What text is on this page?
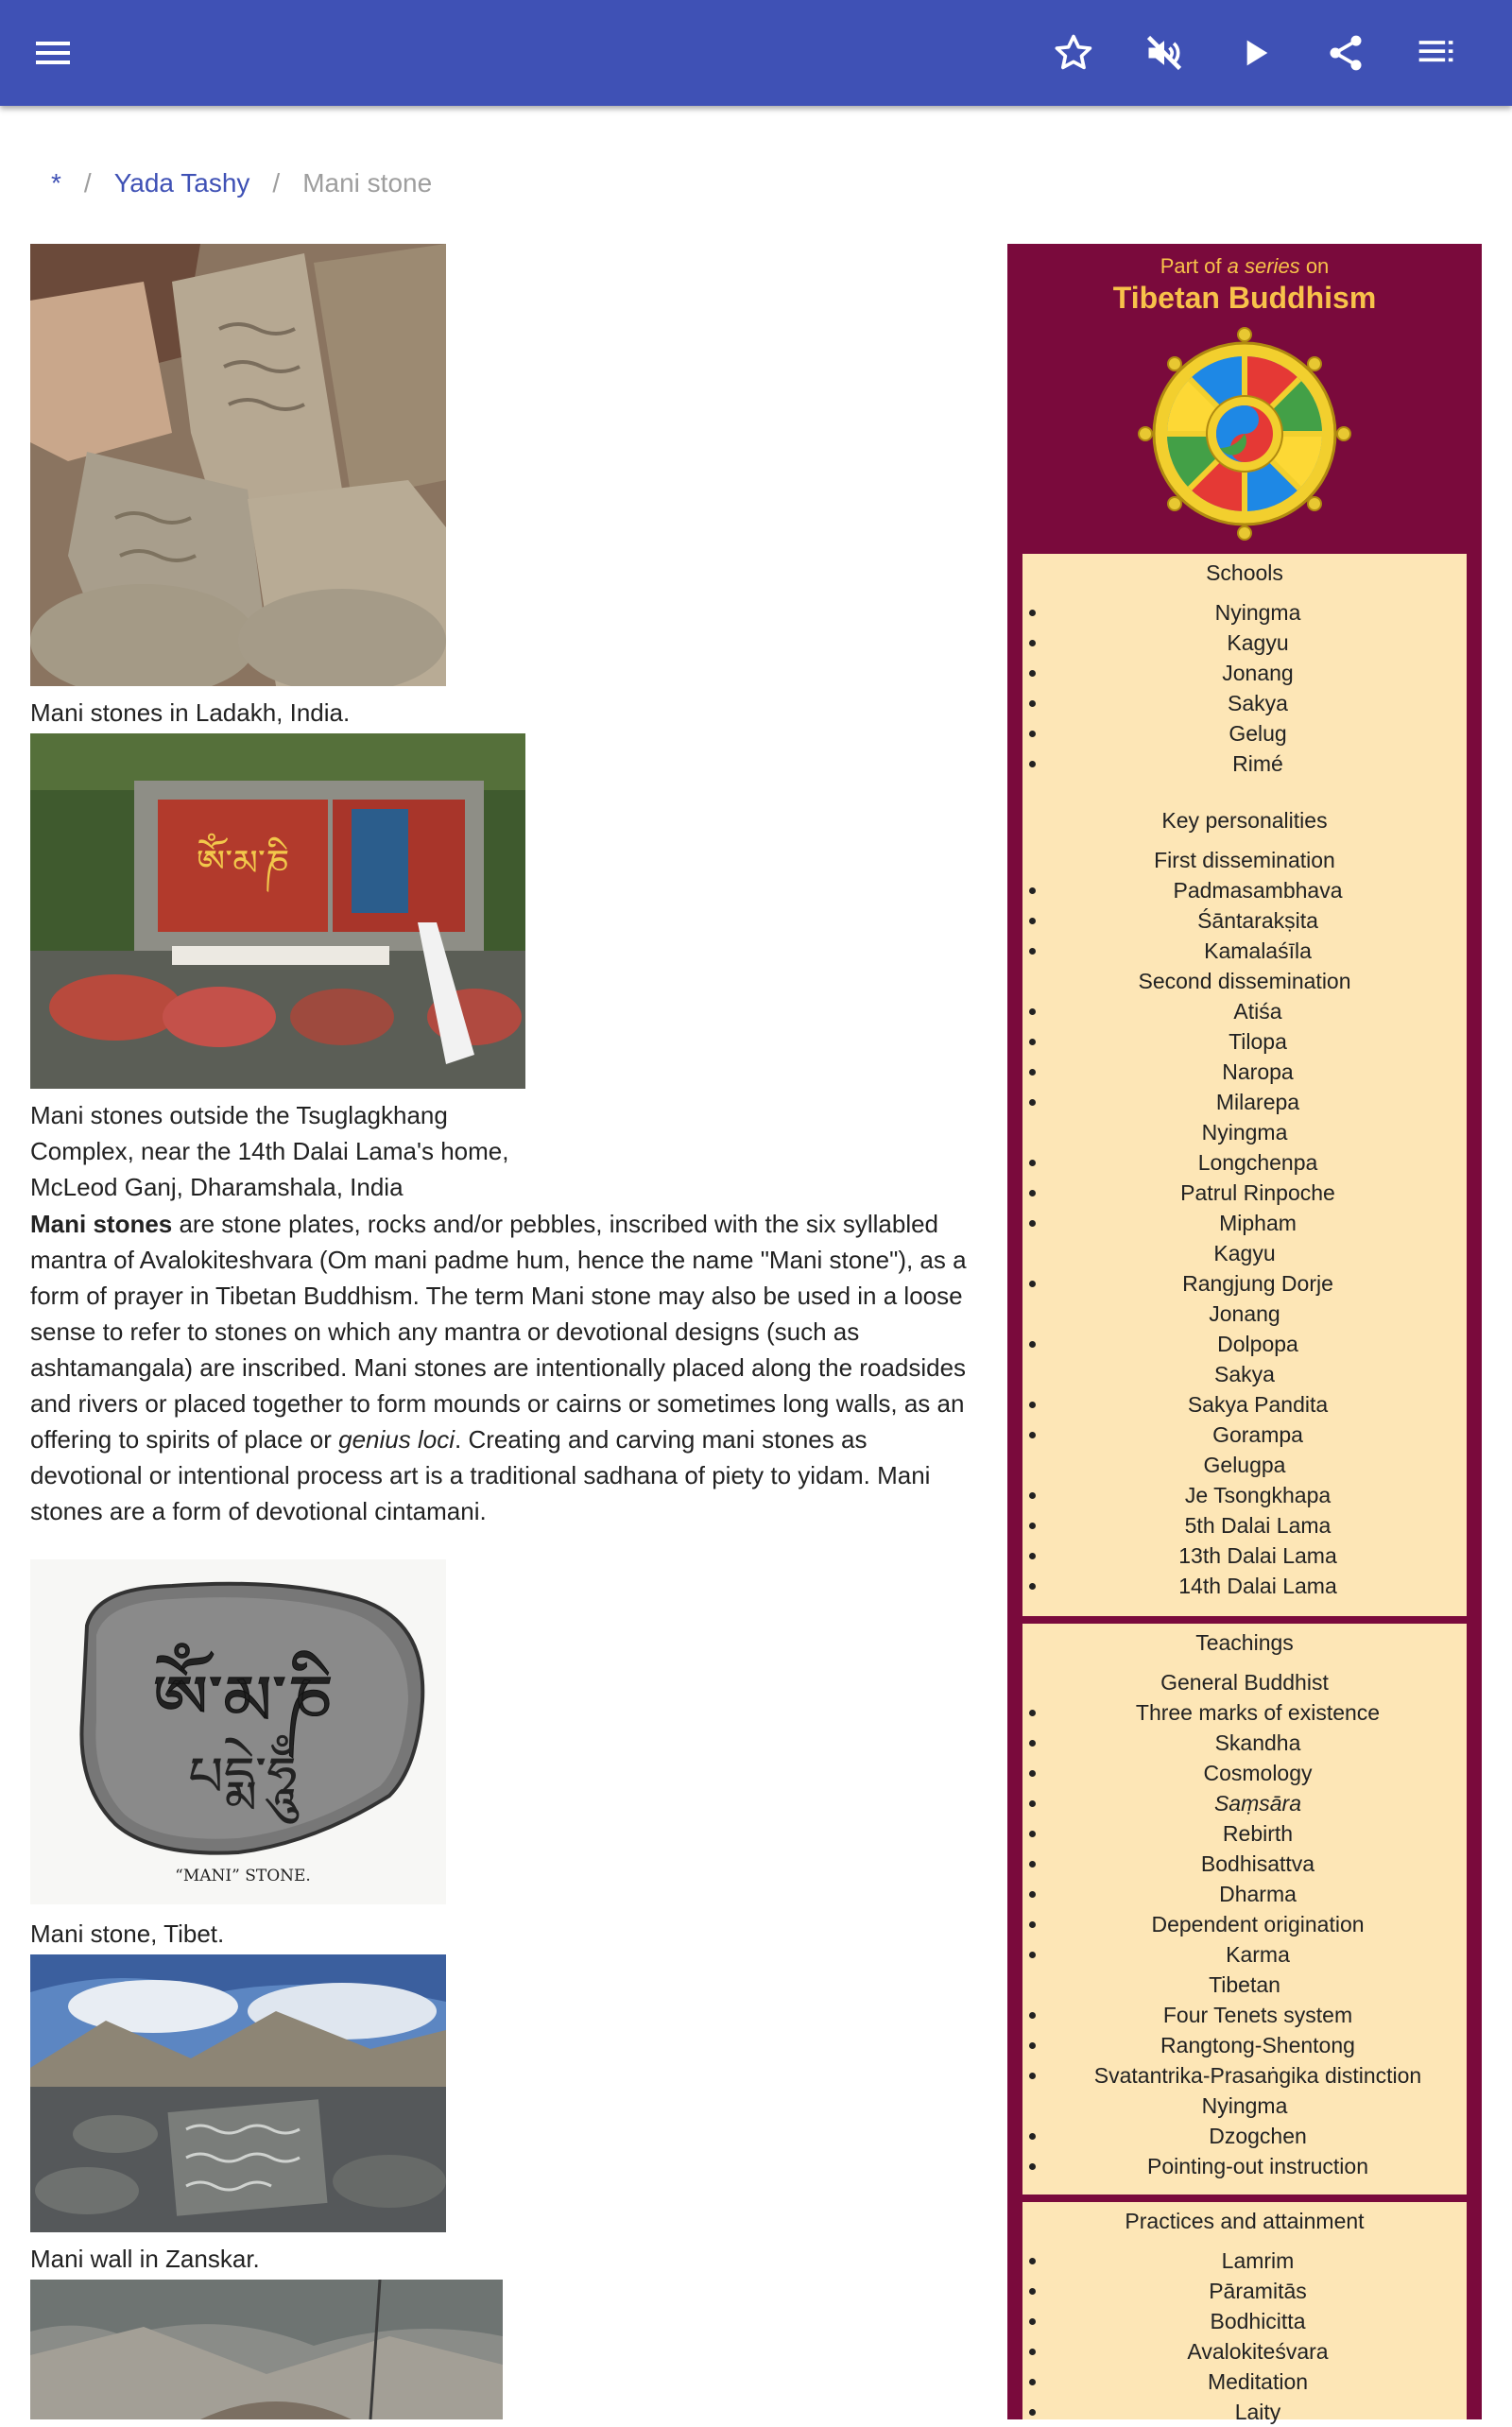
* / Yada Tashy / Mani stone
Mani stones in Ladakh, India.
ཨོཾ་མ་ཎི
Mani stones outside the Tsuglagkhang
Complex, near the 14th Dalai Lama's home,
McLeod Ganj, Dharamshala, India
Mani stones are stone plates, rocks and/or pebbles, inscribed with the six syllabled mantra of Avalokiteshvara (Om mani padme hum, hence the name "Mani stone"), as a form of prayer in Tibetan Buddhism. The term Mani stone may also be used in a loose sense to refer to stones on which any mantra or devotional designs (such as ashtamangala) are inscribed. Mani stones are intentionally placed along the roadsides and rivers or placed together to form mounds or cairns or sometimes long walls, as an offering to spirits of place or genius loci. Creating and carving mani stones as devotional or intentional process art is a traditional sadhana of piety to yidam. Mani stones are a form of devotional cintamani.
ཨོཾ་མ་ཎི
པདྨེ་ཧཱུྃ
“MANI” STONE.
Mani stone, Tibet.
Mani wall in Zanskar.
Part of a series on
Tibetan Buddhism
Schools
• Nyingma
• Kagyu
• Jonang
• Sakya
• Gelug
• Rimé
Key personalities
First dissemination
• Padmasambhava
• Śāntarakṣita
• Kamalaśīla
Second dissemination
• Atiśa
• Tilopa
• Naropa
• Milarepa
Nyingma
• Longchenpa
• Patrul Rinpoche
• Mipham
Kagyu
• Rangjung Dorje
Jonang
• Dolpopa
Sakya
• Sakya Pandita
• Gorampa
Gelugpa
• Je Tsongkhapa
• 5th Dalai Lama
• 13th Dalai Lama
• 14th Dalai Lama
Teachings
General Buddhist
• Three marks of existence
• Skandha
• Cosmology
• Saṃsāra
• Rebirth
• Bodhisattva
• Dharma
• Dependent origination
• Karma
Tibetan
• Four Tenets system
• Rangtong-Shentong
• Svatantrika-Prasaṅgika distinction
Nyingma
• Dzogchen
• Pointing-out instruction
Practices and attainment
• Lamrim
• Pāramitās
• Bodhicitta
• Avalokiteśvara
• Meditation
• Laity
